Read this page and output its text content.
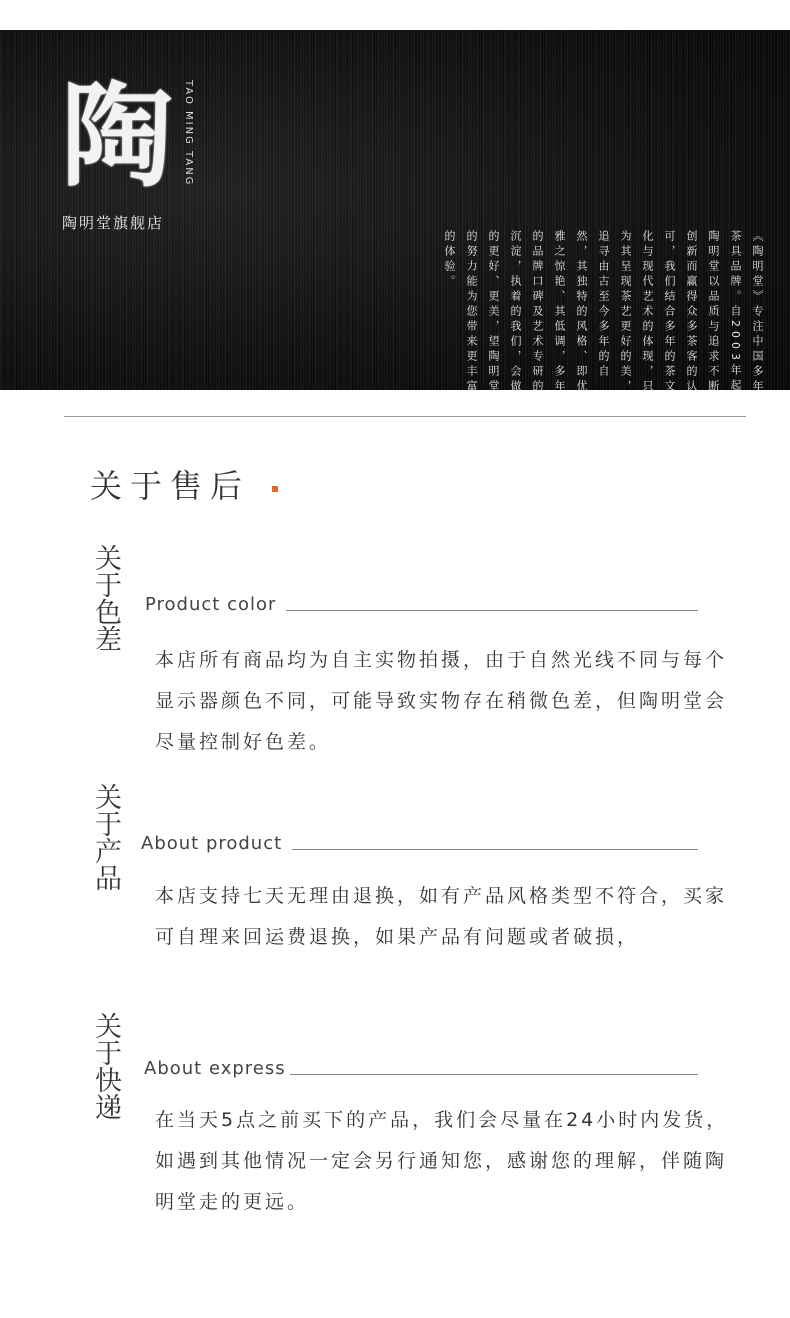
陶	TAO MING TANG
陶明堂旗舰店
《陶明堂》专注中国多年茶具品牌。自2003年起陶明堂以品质与追求不断创新而赢得众多茶客的认可，我们结合多年的茶文化与现代艺术的体现，只为其呈现茶艺更好的美，追寻由古至今多年的自然，其独特的风格、即优雅之惊艳、其低调，多年的品牌口碑及艺术专研的沉淀，执着的我们，会做的更好、更美，望陶明堂的努力能为您带来更丰富的体验。
关于售后
关于色差 Product color
本店所有商品均为自主实物拍摄，由于自然光线不同与每个显示器颜色不同，可能导致实物存在稍微色差，但陶明堂会尽量控制好色差。
关于产品 About product
本店支持七天无理由退换，如有产品风格类型不符合，买家可自理来回运费退换，如果产品有问题或者破损，
关于快递 About express
在当天5点之前买下的产品，我们会尽量在24小时内发货，如遇到其他情况一定会另行通知您，感谢您的理解，伴随陶明堂走的更远。
